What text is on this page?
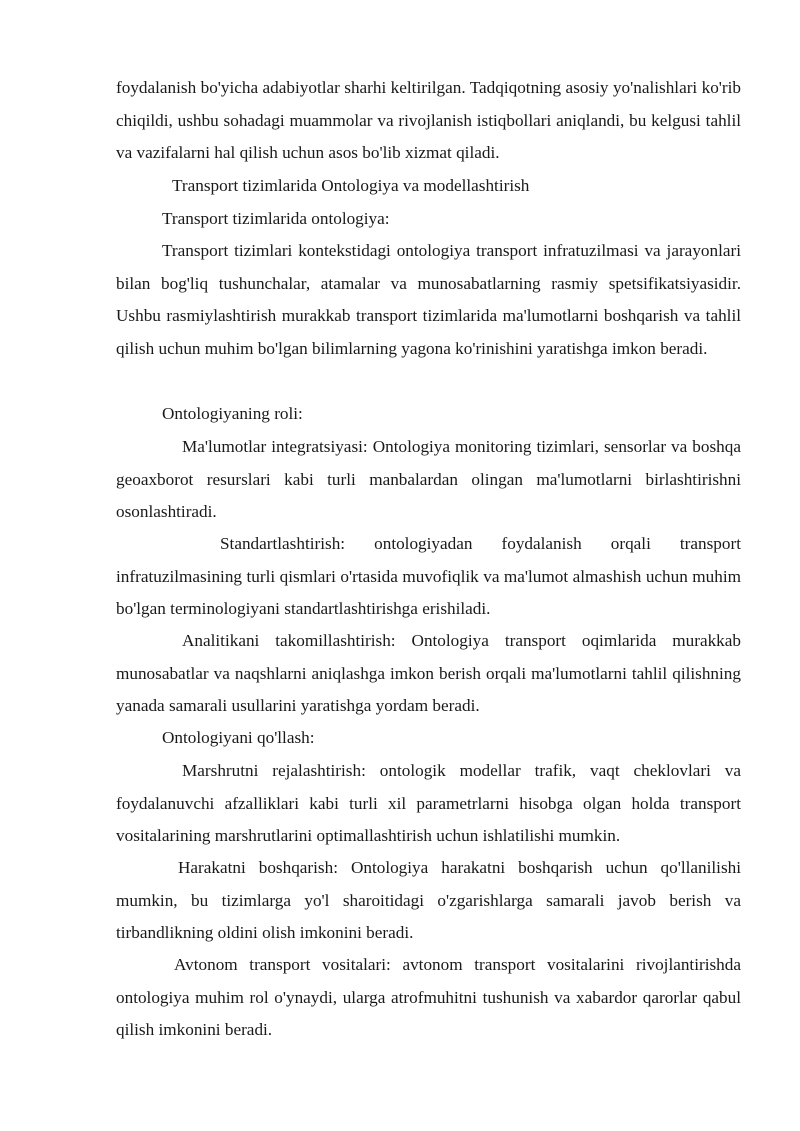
foydalanish bo'yicha adabiyotlar sharhi keltirilgan. Tadqiqotning asosiy yo'nalishlari ko'rib chiqildi, ushbu sohadagi muammolar va rivojlanish istiqbollari aniqlandi, bu kelgusi tahlil va vazifalarni hal qilish uchun asos bo'lib xizmat qiladi.

Transport tizimlarida Ontologiya va modellashtirish

Transport tizimlarida ontologiya:

Transport tizimlari kontekstidagi ontologiya transport infratuzilmasi va jarayonlari bilan bog'liq tushunchalar, atamalar va munosabatlarning rasmiy spetsifikatsiyasidir. Ushbu rasmiylashtirish murakkab transport tizimlarida ma'lumotlarni boshqarish va tahlil qilish uchun muhim bo'lgan bilimlarning yagona ko'rinishini yaratishga imkon beradi.

Ontologiyaning roli:

Ma'lumotlar integratsiyasi: Ontologiya monitoring tizimlari, sensorlar va boshqa geoaxborot resurslari kabi turli manbalardan olingan ma'lumotlarni birlashtirishni osonlashtiradi.

Standartlashtirish: ontologiyadan foydalanish orqali transport infratuzilmasining turli qismlari o'rtasida muvofiqlik va ma'lumot almashish uchun muhim bo'lgan terminologiyani standartlashtirishga erishiladi.

Analitikani takomillashtirish: Ontologiya transport oqimlarida murakkab munosabatlar va naqshlarni aniqlashga imkon berish orqali ma'lumotlarni tahlil qilishning yanada samarali usullarini yaratishga yordam beradi.

Ontologiyani qo'llash:

Marshrutni rejalashtirish: ontologik modellar trafik, vaqt cheklovlari va foydalanuvchi afzalliklari kabi turli xil parametrlarni hisobga olgan holda transport vositalarining marshrutlarini optimallashtirish uchun ishlatilishi mumkin.

Harakatni boshqarish: Ontologiya harakatni boshqarish uchun qo'llanilishi mumkin, bu tizimlarga yo'l sharoitidagi o'zgarishlarga samarali javob berish va tirbandlikning oldini olish imkonini beradi.

Avtonom transport vositalari: avtonom transport vositalarini rivojlantirishda ontologiya muhim rol o'ynaydi, ularga atrofmuhitni tushunish va xabardor qarorlar qabul qilish imkonini beradi.
